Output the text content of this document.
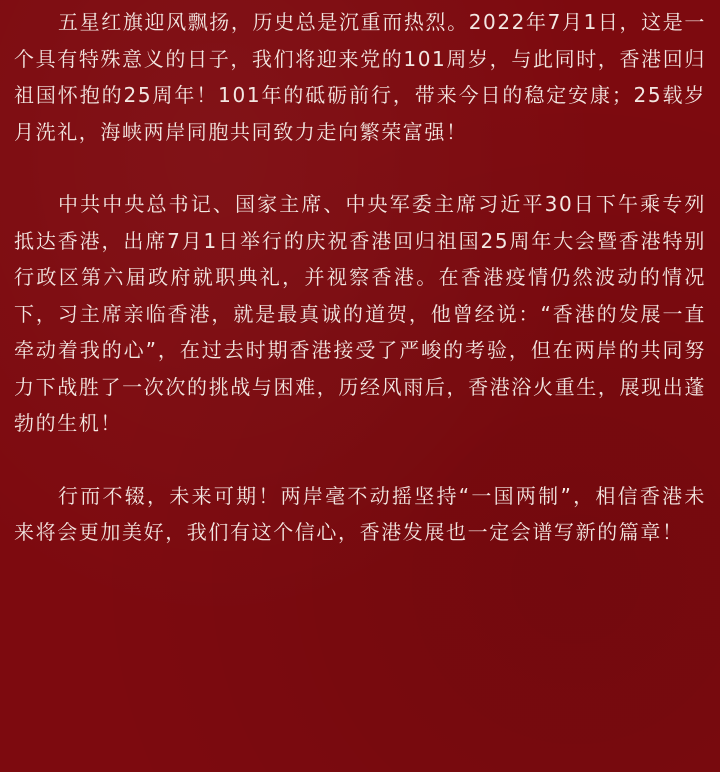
五星红旗迎风飘扬，历史总是沉重而热烈。2022年7月1日，这是一个具有特殊意义的日子，我们将迎来党的101周岁，与此同时，香港回归祖国怀抱的25周年！101年的砥砺前行，带来今日的稳定安康；25载岁月洗礼，海峡两岸同胞共同致力走向繁荣富强！

中共中央总书记、国家主席、中央军委主席习近平30日下午乘专列抵达香港，出席7月1日举行的庆祝香港回归祖国25周年大会暨香港特别行政区第六届政府就职典礼，并视察香港。在香港疫情仍然波动的情况下，习主席亲临香港，就是最真诚的道贺，他曾经说：“香港的发展一直牵动着我的心”，在过去时期香港接受了严峻的考验，但在两岸的共同努力下战胜了一次次的挑战与困难，历经风雨后，香港浴火重生，展现出蓬勃的生机！

行而不辍，未来可期！两岸毫不动摇坚持“一国两制”，相信香港未来将会更加美好，我们有这个信心，香港发展也一定会谱写新的篇章！
